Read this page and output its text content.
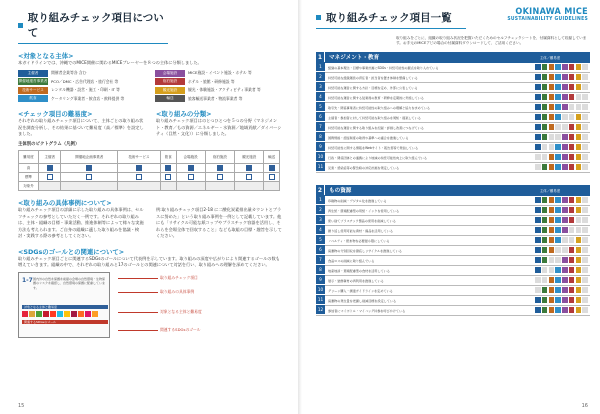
取り組みチェック項目について
<対象となる主体>
本ガイドラインでは、沖縄でのMICE開催に関わるMICEプレーヤーを８つの主体に分類しました。
主催者	開催者企業等各 含む	会場施設	MICE施設・イベント施設・ホテル 等
開催地運営事業者 PCO／DMC・広告代理店・旅行会社 等	宿泊施設	ホテル・旅館・研修施設 等
技術サービス	レンタル機器・設営・施工・印刷・IT 等	観光施設	観光・体験施設・アクティビティ事業者 等
飲食	ケータリング事業者・飲食店・飲料提供 等	輸送	旅客輸送事業者・物流事業者 等
<チェック項目の難易度>
それぞれの取り組みチェック項目について、主体ごとの取り組み状況を調査分析し、その結果に基づいて難易度（高／標準）を設定しました。
<取り組みの分類>
取り組みチェック項目はのとつひとつを５つの分野（マネジメント・教育／もの資源／エネルギー・水資源／地域貢献／ダイバーシティ（目然・文化））に分類しました。
主体別のピクトグラム（凡例）
難易度	主催者	開催地企画事業者	技術サービス	飲食	会場施設	宿泊施設	観光施設	輸送
高								
標準								
対象外								
<取り組みの具体事例について>
取り組みチェック項目の詳細に示した取り組みの具体事例は、セルフチェックの参考としていただく一例です。それぞれの取り組みは、主体・組織の目標・事業活動、推進体制等によって様々な実施方法も考えられます。ご自身の組織に適した取り組みを協議・検討・実践する際の参考としてください。
例:取り組みチェック項目2-18 に二酸化炭素排出量カウントとプラスに努めた」という取り組み事例を一例として記載しています。他にも「リサイクル可能な紙コップやプラスチック容器を活用し、それらを会場全体で回収すること」なども取組の目標・趣旨を示してください。
<SDGsのゴールとの関連について>
取り組みチェック項目ごとに関連するSDGsのゴールについて代表例を示しています。取り組みの深度や広がりにより関連するゴールの数も増えていきます。組織の中で、それぞれの取り組みと17のゴールとの関連について対話を行い、取り組みへの理解を深めてください。
1-7 国内外の自然を保護を前提の会場の自然環境・生物保護のリスクを確認し、自然環境の保護に配慮しています。
対象となる主体と難易度
関連するSDGsのゴール
取り組みチェック項目
取り組みの具体事例
対象となる主体と難易度
関連するSDGsのゴール
15
取り組みチェック項目一覧	OKINAWA MICE
SUSTAINABILITY GUIDELINES
取り組みをごとに、組織の取り組み状況を把握いただくためのセルフチェックシートを、付属資料として収録しています。お手元のMICEアピの場合の付属資料ダウンロードして、ご活用ください。
1	マネジメント・教育	主体／難易度
1	組織の基本理念・目標や事業計画にSDGs・持続可能性の観点を取り入れている
2	持続可能な組織運営の責任者・担当者を置き体制を整備している
3	持続可能な運営に関する方針・目標を定め、外部に公表している
4	持続可能な運営に関する従業員の教育・研修を定期的に実施している
5	取引先・関係事業者に持続可能性の取り組みへの理解と協力を求めている
6	主催者・参加者に対して持続可能な取り組みを周知・提案している
7	持続可能な運営に関する取り組みを記録・評価し改善につなげている
8	国際規格・認証制度の取得や基準への適合を推進している
9	持続可能性に関する情報をWebサイト・報告書等で発信している
10	行政・関係団体との連携により地域の持続可能性向上に取り組んでいる
11	災害・感染症等の緊急時の対応計画を策定している
2	もの資源	主体／難易度
1	印刷物の削減・デジタル化を推進している
2	再生紙・環境配慮型の用紙・インクを使用している
3	使い捨てプラスチック製品の使用を削減している
4	繰り返し使用可能な資材・備品を活用している
5	ノベルティ・配布物を必要最小限にしている
6	廃棄物の分別回収を徹底しリサイクルを推進している
7	食品ロスの削減に取り組んでいる
8	地産地消・環境配慮型の食材を活用している
9	展示・装飾資材の再利用を推進している
10	グリーン購入・調達ガイドラインを定めている
11	廃棄物の発生量を把握し削減目標を設定している
12	参加者にマイボトル・マイバッグ持参を呼びかけている
16
